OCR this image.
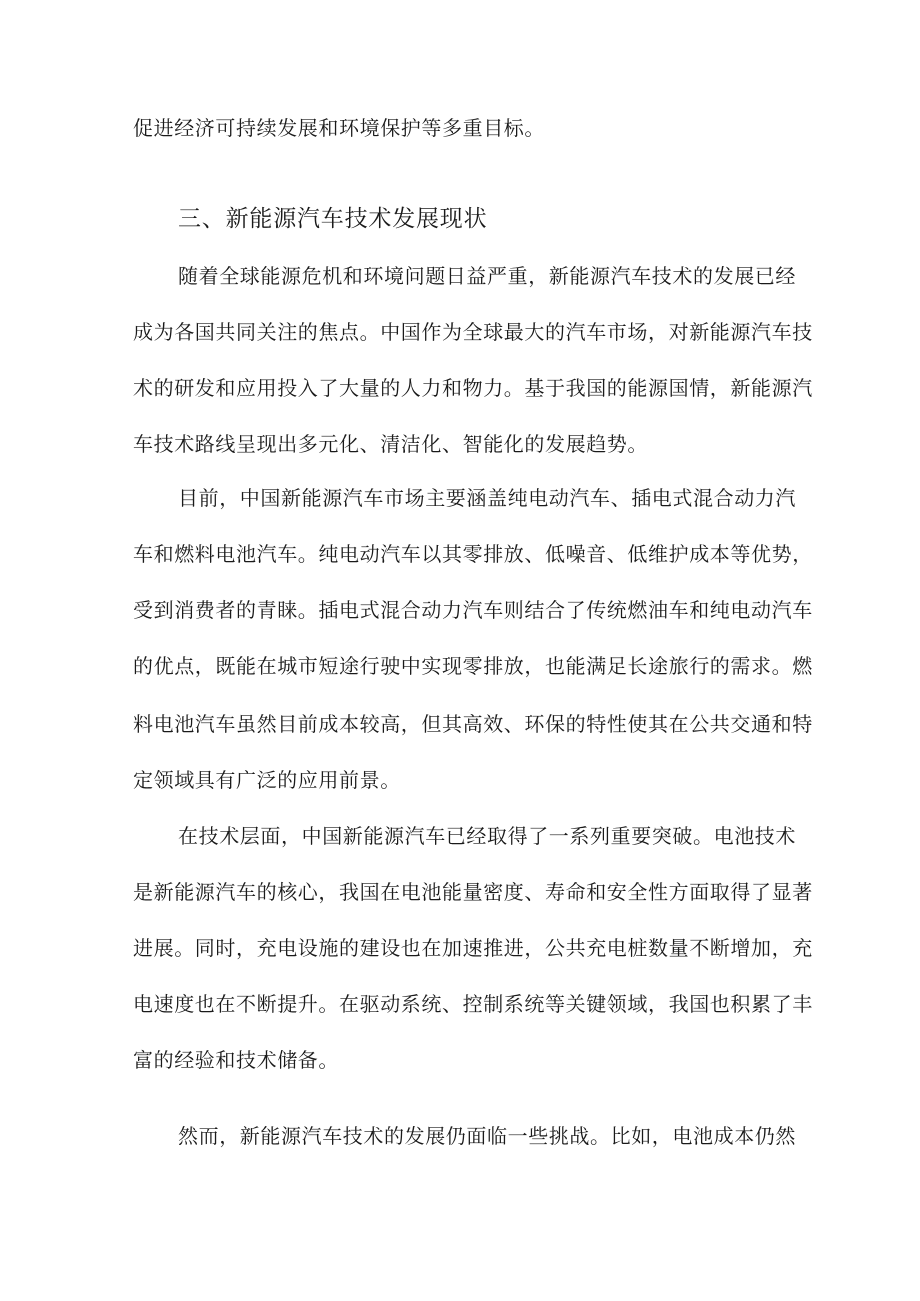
促进经济可持续发展和环境保护等多重目标。
三、新能源汽车技术发展现状
随着全球能源危机和环境问题日益严重，新能源汽车技术的发展已经
成为各国共同关注的焦点。中国作为全球最大的汽车市场，对新能源汽车技
术的研发和应用投入了大量的人力和物力。基于我国的能源国情，新能源汽
车技术路线呈现出多元化、清洁化、智能化的发展趋势。
目前，中国新能源汽车市场主要涵盖纯电动汽车、插电式混合动力汽
车和燃料电池汽车。纯电动汽车以其零排放、低噪音、低维护成本等优势，
受到消费者的青睐。插电式混合动力汽车则结合了传统燃油车和纯电动汽车
的优点，既能在城市短途行驶中实现零排放，也能满足长途旅行的需求。燃
料电池汽车虽然目前成本较高，但其高效、环保的特性使其在公共交通和特
定领域具有广泛的应用前景。
在技术层面，中国新能源汽车已经取得了一系列重要突破。电池技术
是新能源汽车的核心，我国在电池能量密度、寿命和安全性方面取得了显著
进展。同时，充电设施的建设也在加速推进，公共充电桩数量不断增加，充
电速度也在不断提升。在驱动系统、控制系统等关键领域，我国也积累了丰
富的经验和技术储备。
然而，新能源汽车技术的发展仍面临一些挑战。比如，电池成本仍然
